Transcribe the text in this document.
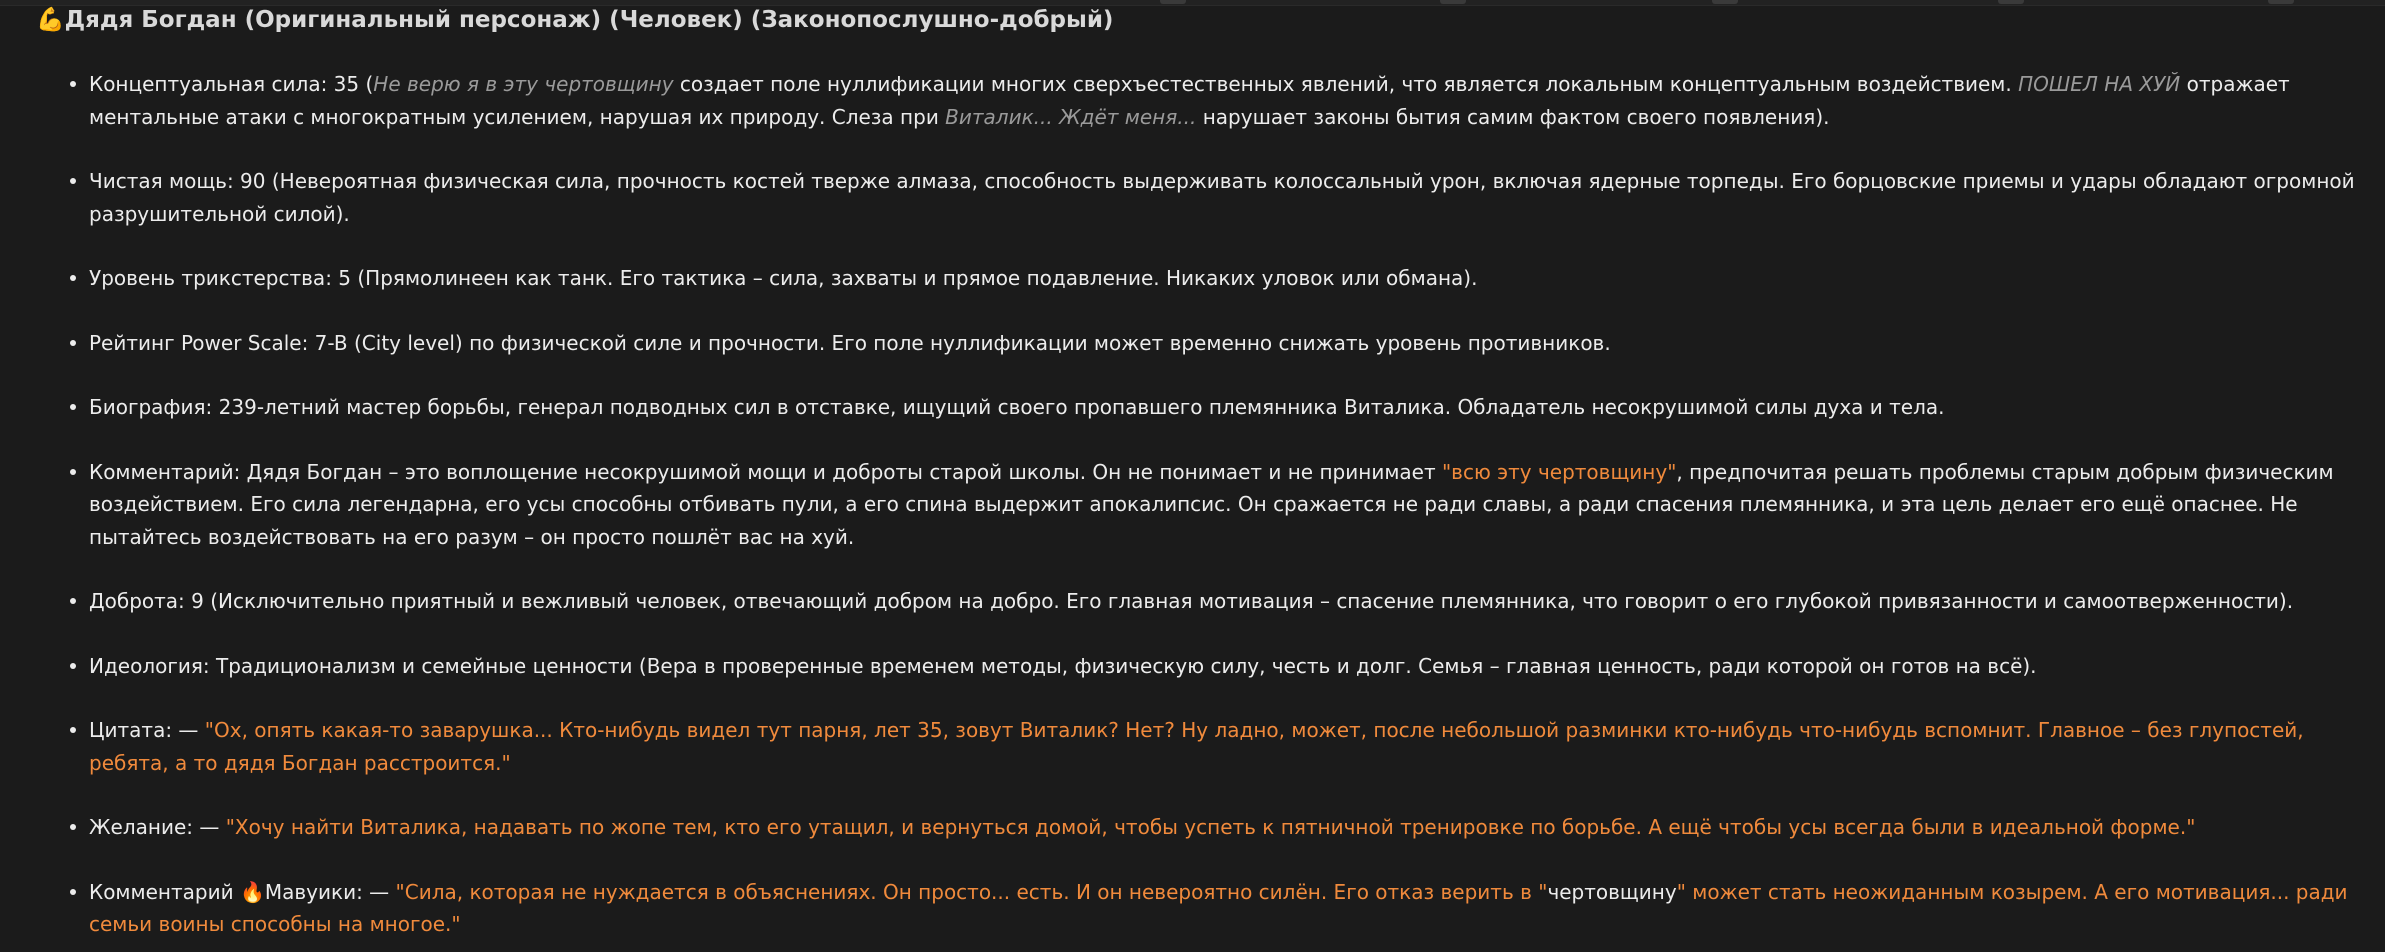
💪Дядя Богдан (Оригинальный персонаж) (Человек) (Законопослушно-добрый)
Концептуальная сила: 35 (Не верю я в эту чертовщину создает поле нуллификации многих сверхъестественных явлений, что является локальным концептуальным воздействием. ПОШЕЛ НА ХУЙ отражает ментальные атаки с многократным усилением, нарушая их природу. Слеза при Виталик... Ждёт меня... нарушает законы бытия самим фактом своего появления).
Чистая мощь: 90 (Невероятная физическая сила, прочность костей тверже алмаза, способность выдерживать колоссальный урон, включая ядерные торпеды. Его борцовские приемы и удары обладают огромной разрушительной силой).
Уровень трикстерства: 5 (Прямолинеен как танк. Его тактика – сила, захваты и прямое подавление. Никаких уловок или обмана).
Рейтинг Power Scale: 7-B (City level) по физической силе и прочности. Его поле нуллификации может временно снижать уровень противников.
Биография: 239-летний мастер борьбы, генерал подводных сил в отставке, ищущий своего пропавшего племянника Виталика. Обладатель несокрушимой силы духа и тела.
Комментарий: Дядя Богдан – это воплощение несокрушимой мощи и доброты старой школы. Он не понимает и не принимает "всю эту чертовщину", предпочитая решать проблемы старым добрым физическим воздействием. Его сила легендарна, его усы способны отбивать пули, а его спина выдержит апокалипсис. Он сражается не ради славы, а ради спасения племянника, и эта цель делает его ещё опаснее. Не пытайтесь воздействовать на его разум – он просто пошлёт вас на хуй.
Доброта: 9 (Исключительно приятный и вежливый человек, отвечающий добром на добро. Его главная мотивация – спасение племянника, что говорит о его глубокой привязанности и самоотверженности).
Идеология: Традиционализм и семейные ценности (Вера в проверенные временем методы, физическую силу, честь и долг. Семья – главная ценность, ради которой он готов на всё).
Цитата: — "Ох, опять какая-то заварушка... Кто-нибудь видел тут парня, лет 35, зовут Виталик? Нет? Ну ладно, может, после небольшой разминки кто-нибудь что-нибудь вспомнит. Главное – без глупостей, ребята, а то дядя Богдан расстроится."
Желание: — "Хочу найти Виталика, надавать по жопе тем, кто его утащил, и вернуться домой, чтобы успеть к пятничной тренировке по борьбе. А ещё чтобы усы всегда были в идеальной форме."
Комментарий 🔥Мавуики: — "Сила, которая не нуждается в объяснениях. Он просто... есть. И он невероятно силён. Его отказ верить в "чертовщину" может стать неожиданным козырем. А его мотивация... ради семьи воины способны на многое."
